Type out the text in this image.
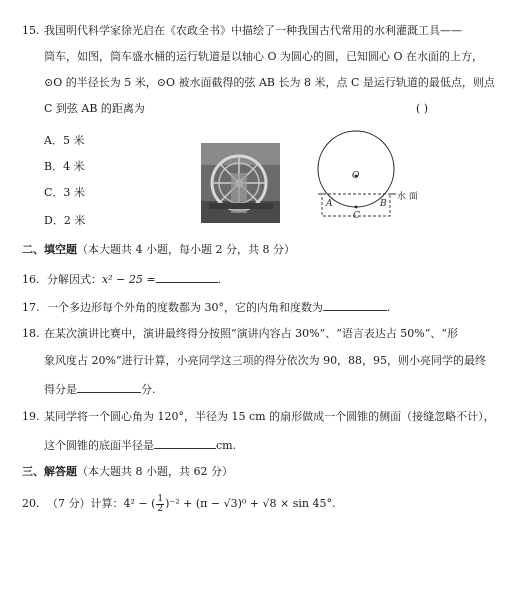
15. 我国明代科学家徐光启在《农政全书》中描绘了一种我国古代常用的水利灌溉工具——
筒车，如图，筒车盛水桶的运行轨道是以轴心 O 为圆心的圆，已知圆心 O 在水面的上方，
⊙O 的半径长为 5 米，⊙O 被水面截得的弦 AB 长为 8 米，点 C 是运行轨道的最低点，则点
C 到弦 AB 的距离为	( )
A．5 米
B．4 米
C．3 米
D．2 米
O
A	B
C
水 面
二、填空题（本大题共 4 小题，每小题 2 分，共 8 分）
16. 分解因式：x² − 25 =	.
17. 一个多边形每个外角的度数都为 30°，它的内角和度数为	.
18. 在某次演讲比赛中，演讲最终得分按照“演讲内容占 30%”、“语言表达占 50%”、“形
象风度占 20%”进行计算，小亮同学这三项的得分依次为 90，88，95，则小亮同学的最终
得分是	分.
19. 某同学将一个圆心角为 120°，半径为 15 cm 的扇形做成一个圆锥的侧面（接缝忽略不计），
这个圆锥的底面半径是	cm.
三、解答题（本大题共 8 小题，共 62 分）
20. （7 分）计算：4² − ( $\frac{1}{2} )^{-2} + (\pi - √3)^0 + √8 \times \sin 45^\circ$.
